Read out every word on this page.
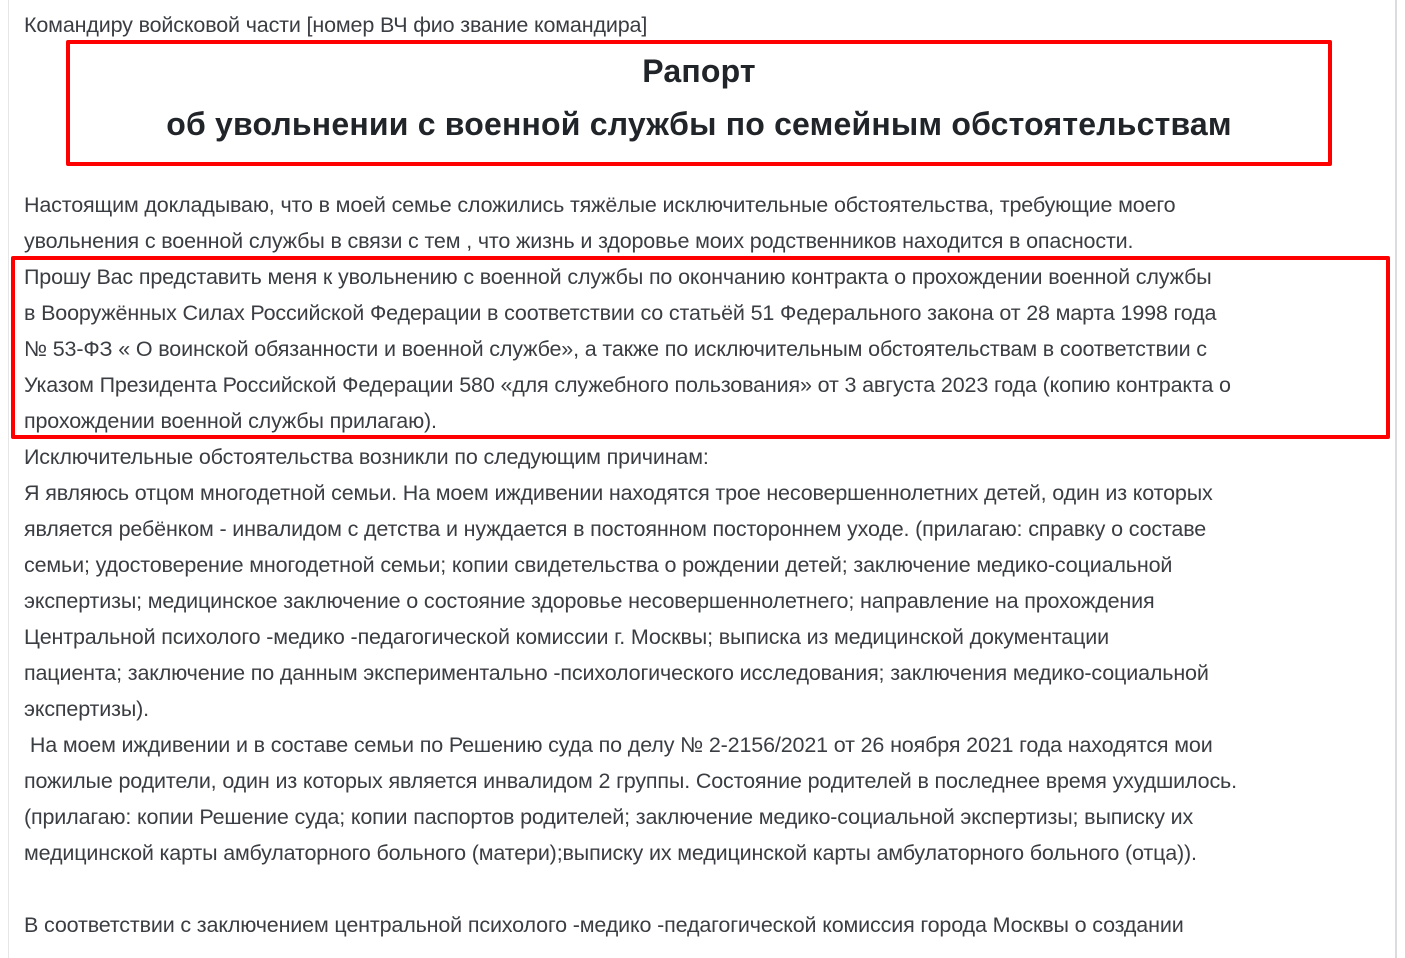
Командиру войсковой части [номер ВЧ фио звание командира]
Рапорт
об увольнении с военной службы по семейным обстоятельствам
Настоящим докладываю, что в моей семье сложились тяжёлые исключительные обстоятельства, требующие моего
увольнения с военной службы в связи с тем , что жизнь и здоровье моих родственников находится в опасности.
Прошу Вас представить меня к увольнению с военной службы по окончанию контракта о прохождении военной службы
в Вооружённых Силах Российской Федерации в соответствии со статьёй 51 Федерального закона от 28 марта 1998 года
№ 53-ФЗ « О воинской обязанности и военной службе», а также по исключительным обстоятельствам в соответствии с
Указом Президента Российской Федерации 580 «для служебного пользования» от 3 августа 2023 года (копию контракта о
прохождении военной службы прилагаю).
Исключительные обстоятельства возникли по следующим причинам:
Я являюсь отцом многодетной семьи. На моем иждивении находятся трое несовершеннолетних детей, один из которых
является ребёнком - инвалидом с детства и нуждается в постоянном постороннем уходе. (прилагаю: справку о составе
семьи; удостоверение многодетной семьи; копии свидетельства о рождении детей; заключение медико-социальной
экспертизы; медицинское заключение о состояние здоровье несовершеннолетнего; направление на прохождения
Центральной психолого -медико -педагогической комиссии г. Москвы; выписка из медицинской документации
пациента; заключение по данным экспериментально -психологического исследования; заключения медико-социальной
экспертизы).
На моем иждивении и в составе семьи по Решению суда по делу № 2-2156/2021 от 26 ноября 2021 года находятся мои
пожилые родители, один из которых является инвалидом 2 группы. Состояние родителей в последнее время ухудшилось.
(прилагаю: копии Решение суда; копии паспортов родителей; заключение медико-социальной экспертизы; выписку их
медицинской карты амбулаторного больного (матери);выписку их медицинской карты амбулаторного больного (отца)).
В соответствии с заключением центральной психолого -медико -педагогической комиссия города Москвы о создании
